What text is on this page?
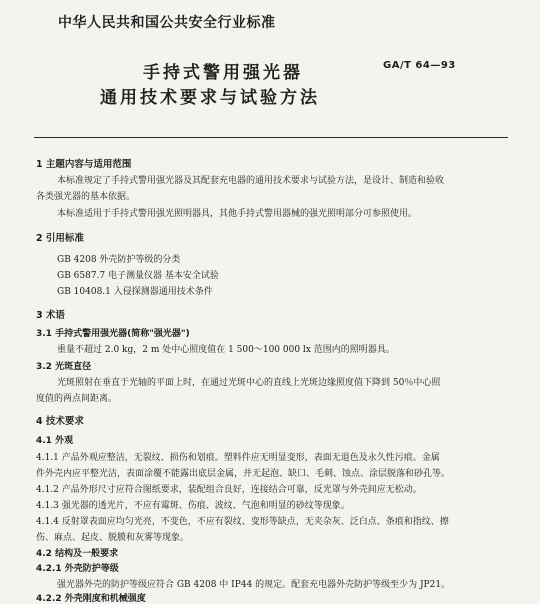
中华人民共和国公共安全行业标准
手持式警用强光器
通用技术要求与试验方法
GA/T 64—93
1 主题内容与适用范围
本标准规定了手持式警用强光器及其配套充电器的通用技术要求与试验方法，是设计、制造和验收
各类强光器的基本依据。
本标准适用于手持式警用强光照明器具，其他手持式警用器械的强光照明部分可参照使用。
2 引用标准
GB 4208 外壳防护等级的分类
GB 6587.7 电子测量仪器 基本安全试验
GB 10408.1 入侵探测器通用技术条件
3 术语
3.1 手持式警用强光器(简称"强光器")
重量不超过 2.0 kg，2 m 处中心照度值在 1 500～100 000 lx 范围内的照明器具。
3.2 光斑直径
光斑照射在垂直于光轴的平面上时，在通过光斑中心的直线上光斑边缘照度值下降到 50％中心照
度值的两点间距离。
4 技术要求
4.1 外观
4.1.1 产品外观应整洁，无裂纹、损伤和划痕。塑料件应无明显变形，表面无退色及永久性污痕。金属
件外壳内应平整光洁，表面涂覆不能露出底层金属，并无起泡、缺口、毛刺、蚀点、涂层脱落和砂孔等。
4.1.2 产品外形尺寸应符合图纸要求，装配组合良好，连接结合可靠，反光罩与外壳间应无松动。
4.1.3 强光器的透光片，不应有霉斑、伤痕、波纹、气泡和明显的砂纹等现象。
4.1.4 反射罩表面应均匀光亮，不变色，不应有裂纹、变形等缺点，无夹杂灰、泛白点、条痕和指纹、擦
伤、麻点、起皮、脱膜和灰雾等现象。
4.2 结构及一般要求
4.2.1 外壳防护等级
强光器外壳的防护等级应符合 GB 4208 中 IP44 的规定。配套充电器外壳防护等级至少为 JP21。
4.2.2 外壳刚度和机械强度
